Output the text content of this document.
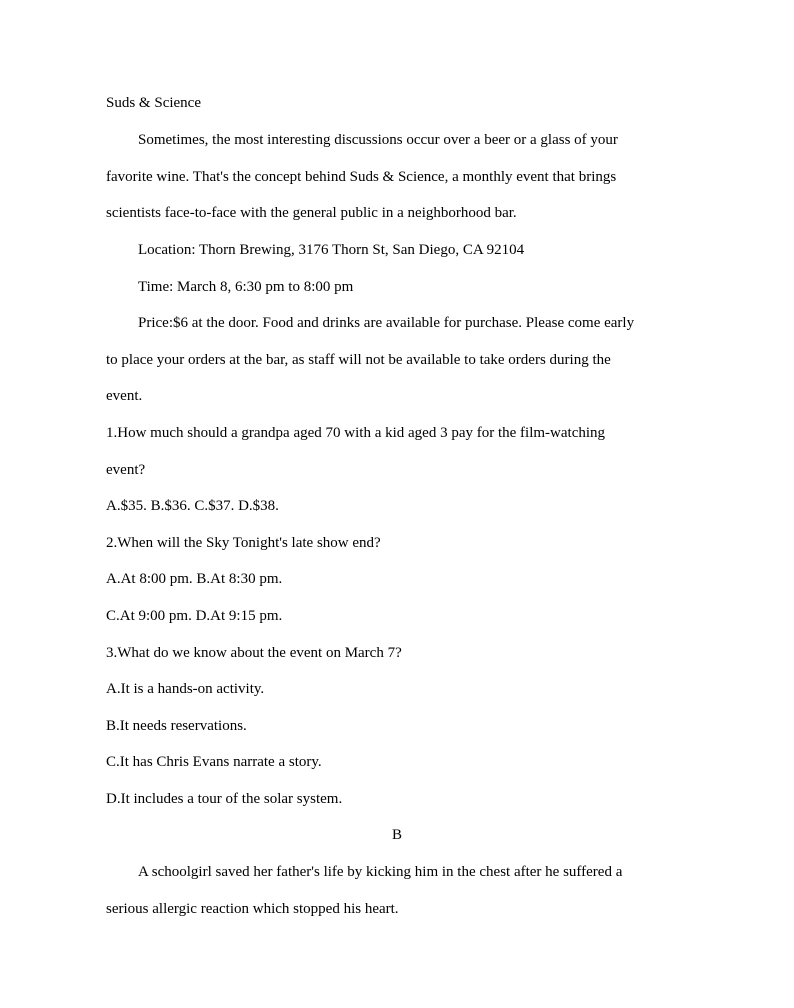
Suds & Science

Sometimes, the most interesting discussions occur over a beer or a glass of your

favorite wine. That's the concept behind Suds & Science, a monthly event that brings

scientists face-to-face with the general public in a neighborhood bar.

Location: Thorn Brewing, 3176 Thorn St, San Diego, CA 92104

Time: March 8, 6:30 pm to 8:00 pm

Price:$6 at the door. Food and drinks are available for purchase. Please come early

to place your orders at the bar, as staff will not be available to take orders during the

event.

1.How much should a grandpa aged 70 with a kid aged 3 pay for the film-watching

event?

A.$35. B.$36. C.$37. D.$38.

2.When will the Sky Tonight's late show end?

A.At 8:00 pm. B.At 8:30 pm.

C.At 9:00 pm. D.At 9:15 pm.

3.What do we know about the event on March 7?

A.It is a hands-on activity.

B.It needs reservations.

C.It has Chris Evans narrate a story.

D.It includes a tour of the solar system.

B

A schoolgirl saved her father's life by kicking him in the chest after he suffered a

serious allergic reaction which stopped his heart.
